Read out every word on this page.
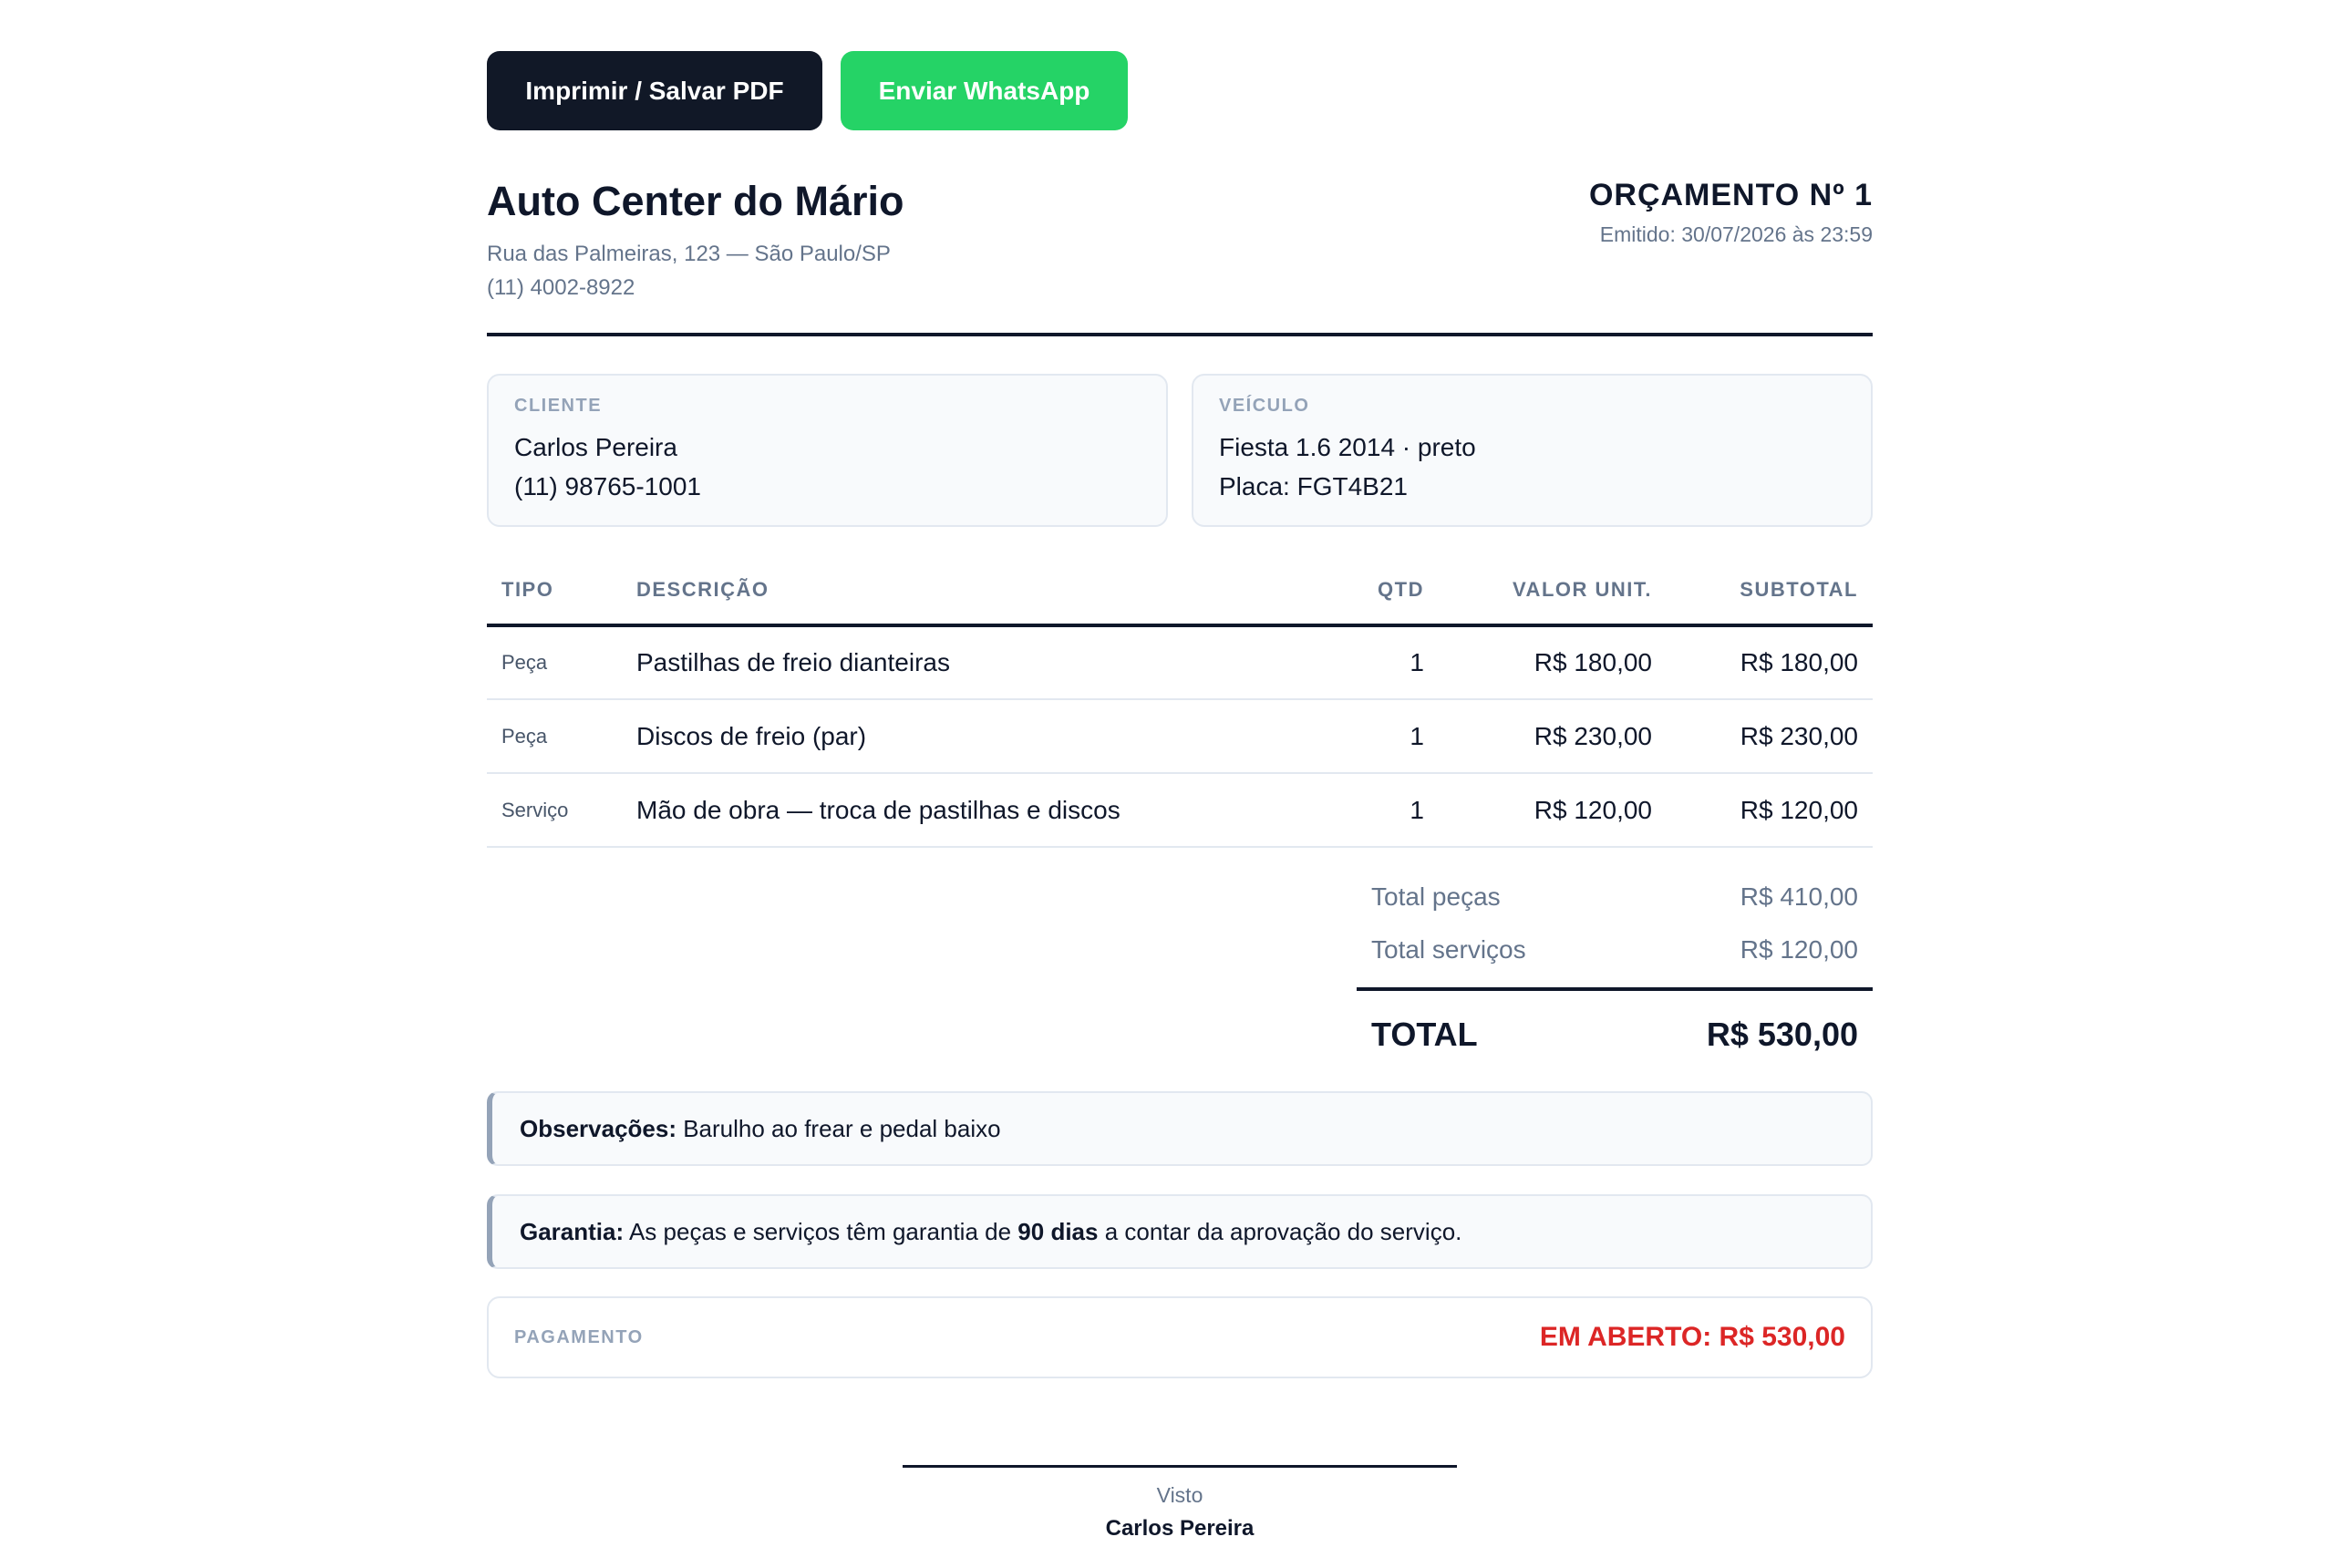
Imprimir / Salvar PDF	Enviar WhatsApp
Auto Center do Mário
Rua das Palmeiras, 123 — São Paulo/SP
(11) 4002-8922
ORÇAMENTO Nº 1
Emitido: 30/07/2026 às 23:59
CLIENTE
Carlos Pereira
(11) 98765-1001
VEÍCULO
Fiesta 1.6 2014 · preto
Placa: FGT4B21
TIPO	DESCRIÇÃO	QTD	VALOR UNIT.	SUBTOTAL
Peça	Pastilhas de freio dianteiras	1	R$ 180,00	R$ 180,00
Peça	Discos de freio (par)	1	R$ 230,00	R$ 230,00
Serviço	Mão de obra — troca de pastilhas e discos	1	R$ 120,00	R$ 120,00
Total peças	R$ 410,00
Total serviços	R$ 120,00
TOTAL	R$ 530,00
Observações: Barulho ao frear e pedal baixo
Garantia: As peças e serviços têm garantia de 90 dias a contar da aprovação do serviço.
PAGAMENTO	EM ABERTO: R$ 530,00
Visto
Carlos Pereira
